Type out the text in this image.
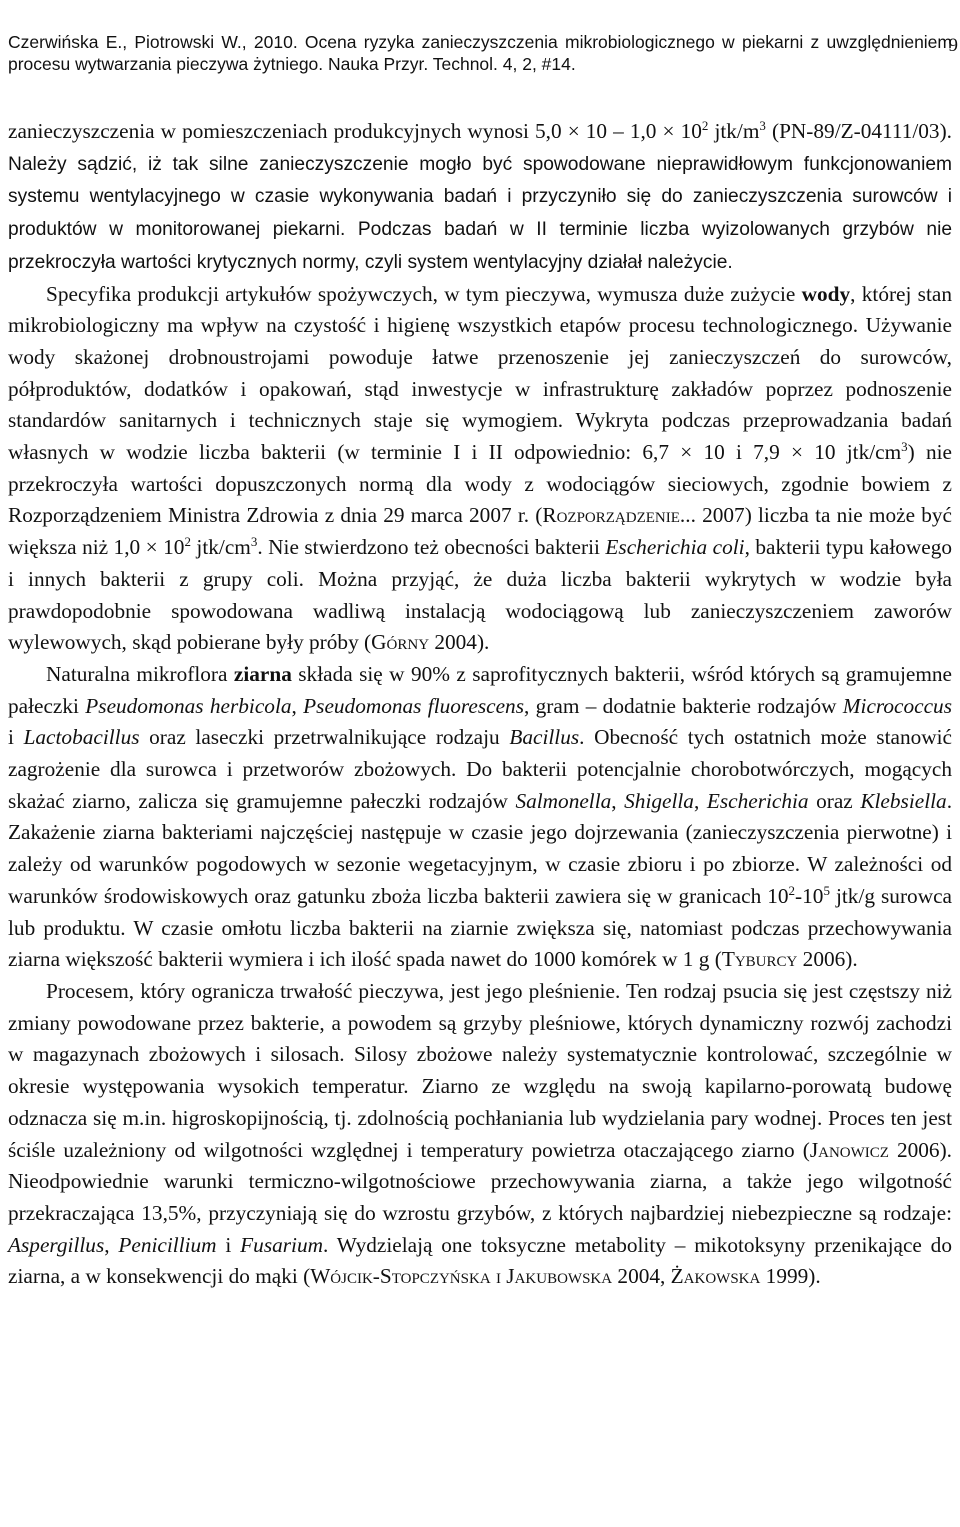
Czerwińska E., Piotrowski W., 2010. Ocena ryzyka zanieczyszczenia mikrobiologicznego w piekarni z uwzględnieniem procesu wytwarzania pieczywa żytniego. Nauka Przyr. Technol. 4, 2, #14.
9

zanieczyszczenia w pomieszczeniach produkcyjnych wynosi $5,0 \times 10 - 1,0 \times 10^2$ jtk/$m^3$ (PN-89/Z-04111/03). Należy sądzić, iż tak silne zanieczyszczenie mogło być spowodowane nieprawidłowym funkcjonowaniem systemu wentylacyjnego w czasie wykonywania badań i przyczyniło się do zanieczyszczenia surowców i produktów w monitorowanej piekarni. Podczas badań w II terminie liczba wyizolowanych grzybów nie przekroczyła wartości krytycznych normy, czyli system wentylacyjny działał należycie.

Specyfika produkcji artykułów spożywczych, w tym pieczywa, wymusza duże zużycie wody, której stan mikrobiologiczny ma wpływ na czystość i higienę wszystkich etapów procesu technologicznego. Używanie wody skażonej drobnoustrojami powoduje łatwe przenoszenie jej zanieczyszczeń do surowców, półproduktów, dodatków i opakowań, stąd inwestycje w infrastrukturę zakładów poprzez podnoszenie standardów sanitarnych i technicznych staje się wymogiem. Wykryta podczas przeprowadzania badań własnych w wodzie liczba bakterii (w terminie I i II odpowiednio: 6,7 × 10 i 7,9 × 10 jtk/$cm^3$) nie przekroczyła wartości dopuszczonych normą dla wody z wodociągów sieciowych, zgodnie bowiem z Rozporządzeniem Ministra Zdrowia z dnia 29 marca 2007 r. (Rozporządzenie... 2007) liczba ta nie może być większa niż $1,0 \times 10^2$ jtk/$cm^3$. Nie stwierdzono też obecności bakterii Escherichia coli, bakterii typu kałowego i innych bakterii z grupy coli. Można przyjąć, że duża liczba bakterii wykrytych w wodzie była prawdopodobnie spowodowana wadliwą instalacją wodociągową lub zanieczyszczeniem zaworów wylewowych, skąd pobierane były próby (Górny 2004).

Naturalna mikroflora ziarna składa się w 90% z saprofitycznych bakterii, wśród których są gramujemne pałeczki Pseudomonas herbicola, Pseudomonas fluorescens, gram – dodatnie bakterie rodzajów Micrococcus i Lactobacillus oraz laseczki przetrwalnikujące rodzaju Bacillus. Obecność tych ostatnich może stanowić zagrożenie dla surowca i przetworów zbożowych. Do bakterii potencjalnie chorobotwórczych, mogących skażać ziarno, zalicza się gramujemne pałeczki rodzajów Salmonella, Shigella, Escherichia oraz Klebsiella. Zakażenie ziarna bakteriami najczęściej następuje w czasie jego dojrzewania (zanieczyszczenia pierwotne) i zależy od warunków pogodowych w sezonie wegetacyjnym, w czasie zbioru i po zbiorze. W zależności od warunków środowiskowych oraz gatunku zboża liczba bakterii zawiera się w granicach $10^2-10^5$ jtk/g surowca lub produktu. W czasie omłotu liczba bakterii na ziarnie zwiększa się, natomiast podczas przechowywania ziarna większość bakterii wymiera i ich ilość spada nawet do 1000 komórek w 1 g (Tyburcy 2006).

Procesem, który ogranicza trwałość pieczywa, jest jego pleśnienie. Ten rodzaj psucia się jest częstszy niż zmiany powodowane przez bakterie, a powodem są grzyby pleśniowe, których dynamiczny rozwój zachodzi w magazynach zbożowych i silosach. Silosy zbożowe należy systematycznie kontrolować, szczególnie w okresie występowania wysokich temperatur. Ziarno ze względu na swoją kapilarno-porowatą budowę odznacza się m.in. higroskopijnością, tj. zdolnością pochłaniania lub wydzielania pary wodnej. Proces ten jest ściśle uzależniony od wilgotności względnej i temperatury powietrza otaczającego ziarno (Janowicz 2006). Nieodpowiednie warunki termiczno-wilgotnościowe przechowywania ziarna, a także jego wilgotność przekraczająca 13,5%, przyczyniają się do wzrostu grzybów, z których najbardziej niebezpieczne są rodzaje: Aspergillus, Penicillium i Fusarium. Wydzielają one toksyczne metabolity – mikotoksyny przenikające do ziarna, a w konsekwencji do mąki (Wójcik-Stopczyńska i Jakubowska 2004, Żakowska 1999).
